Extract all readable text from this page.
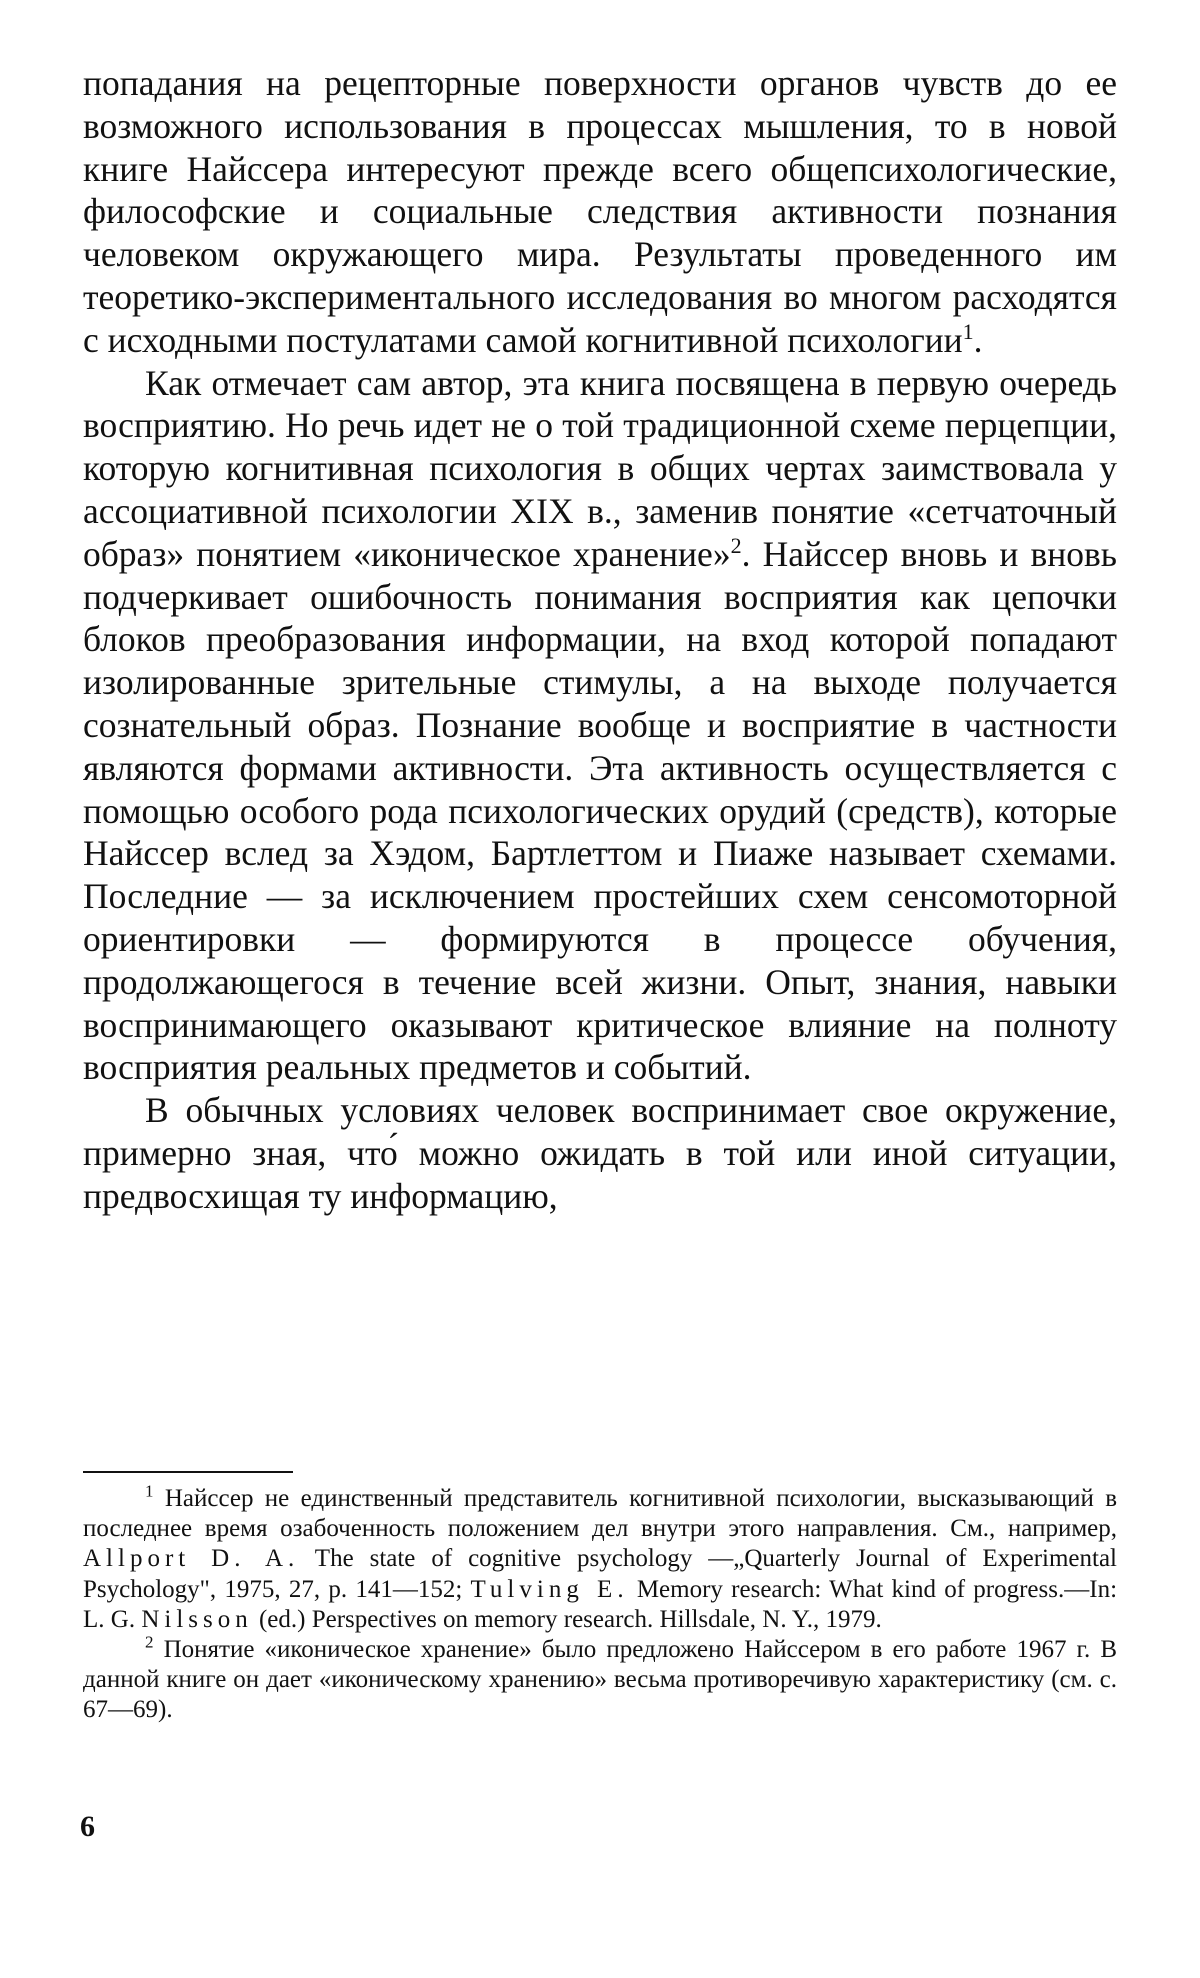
попадания на рецепторные поверхности органов чувств до ее возможного использования в процессах мышления, то в новой книге Найссера интересуют прежде всего общепсихологические, философские и социальные следствия активности познания человеком окружающего мира. Результаты проведенного им теоретико-экспериментального исследования во многом расходятся с исходными постулатами самой когнитивной психологии$^1$.

Как отмечает сам автор, эта книга посвящена в первую очередь восприятию. Но речь идет не о той традиционной схеме перцепции, которую когнитивная психология в общих чертах заимствовала у ассоциативной психологии XIX в., заменив понятие «сетчаточный образ» понятием «иконическое хранение»$^2$. Найссер вновь и вновь подчеркивает ошибочность понимания восприятия как цепочки блоков преобразования информации, на вход которой попадают изолированные зрительные стимулы, а на выходе получается сознательный образ. Познание вообще и восприятие в частности являются формами активности. Эта активность осуществляется с помощью особого рода психологических орудий (средств), которые Найссер вслед за Хэдом, Бартлеттом и Пиаже называет схемами. Последние — за исключением простейших схем сенсомоторной ориентировки — формируются в процессе обучения, продолжающегося в течение всей жизни. Опыт, знания, навыки воспринимающего оказывают критическое влияние на полноту восприятия реальных предметов и событий.

В обычных условиях человек воспринимает свое окружение, примерно зная, что́ можно ожидать в той или иной ситуации, предвосхищая ту информацию,

$^1$ Найссер не единственный представитель когнитивной психологии, высказывающий в последнее время озабоченность положением дел внутри этого направления. См., например, Allport D. A. The state of cognitive psychology —„Quarterly Journal of Experimental Psychology", 1975, 27, p. 141—152; Tulving E. Memory research: What kind of progress.—In: L. G. Nilsson (ed.) Perspectives on memory research. Hillsdale, N. Y., 1979.

$^2$ Понятие «иконическое хранение» было предложено Найссером в его работе 1967 г. В данной книге он дает «иконическому хранению» весьма противоречивую характеристику (см. с. 67—69).

6
